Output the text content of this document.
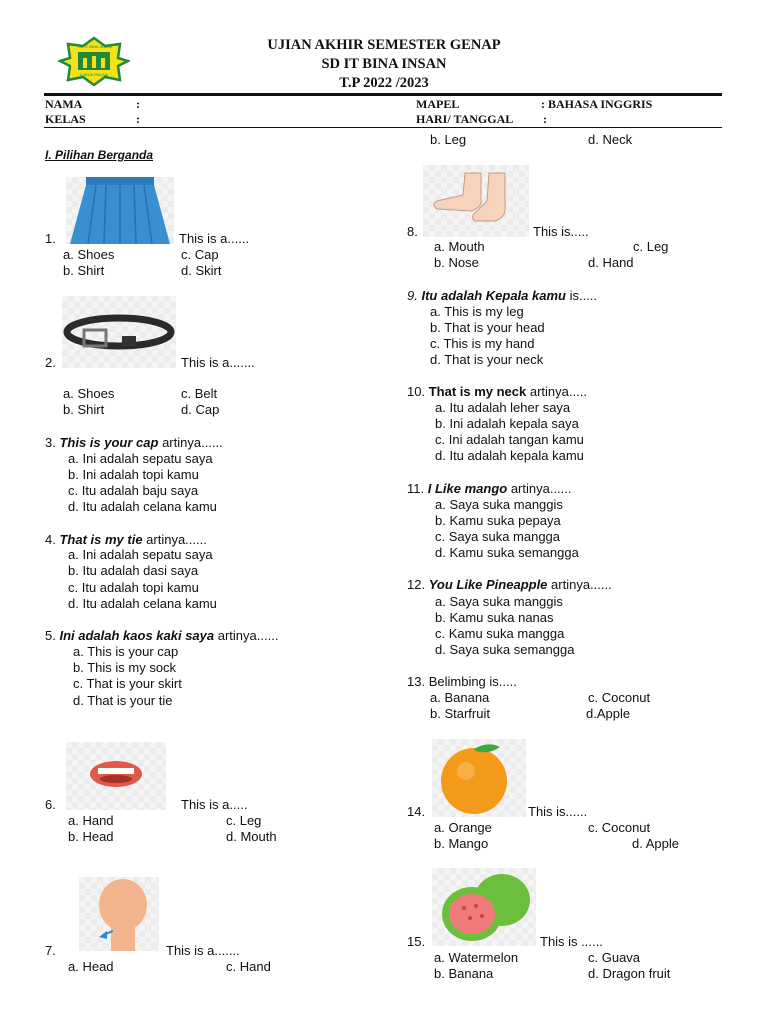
SD IT BINA INSAN
LUBUK PAKAM
UJIAN AKHIR SEMESTER GENAP
SD IT BINA INSAN
T.P 2022 /2023
NAMA	:	MAPEL	: BAHASA INGGRIS
KELAS	:	HARI/ TANGGAL :
I. Pilihan Berganda
1.	This is a......
a. Shoes	c. Cap
b. Shirt	d. Skirt
2.	This is a.......
a. Shoes	c. Belt
b. Shirt	d. Cap
3. This is your cap artinya......
a. Ini adalah sepatu saya
b. Ini adalah topi kamu
c. Itu adalah baju saya
d. Itu adalah celana kamu
4. That is my tie artinya......
a. Ini adalah sepatu saya
b. Itu adalah dasi saya
c. Itu adalah topi kamu
d. Itu adalah celana kamu
5. Ini adalah kaos kaki saya artinya......
a. This is your cap
b. This is my sock
c. That is your skirt
d. That is your tie
6.	This is a.....
a. Hand	c. Leg
b. Head	d. Mouth
7.	This is a.......
a. Head	c. Hand
b. Leg	d. Neck
8.	This is.....
a. Mouth	c. Leg
b. Nose	d. Hand
9. Itu adalah Kepala kamu is.....
a. This is my leg
b. That is your head
c. This is my hand
d. That is your neck
10. That is my neck artinya.....
a. Itu adalah leher saya
b. Ini adalah kepala saya
c. Ini adalah tangan kamu
d. Itu adalah kepala kamu
11. I Like mango artinya......
a. Saya suka manggis
b. Kamu suka pepaya
c. Saya suka mangga
d. Kamu suka semangga
12. You Like Pineapple artinya......
a. Saya suka manggis
b. Kamu suka nanas
c. Kamu suka mangga
d. Saya suka semangga
13. Belimbing is.....
a. Banana	c. Coconut
b. Starfruit	d.Apple
14.	This is......
a. Orange	c. Coconut
b. Mango	d. Apple
15.	This is ......
a. Watermelon	c. Guava
b. Banana	d. Dragon fruit
